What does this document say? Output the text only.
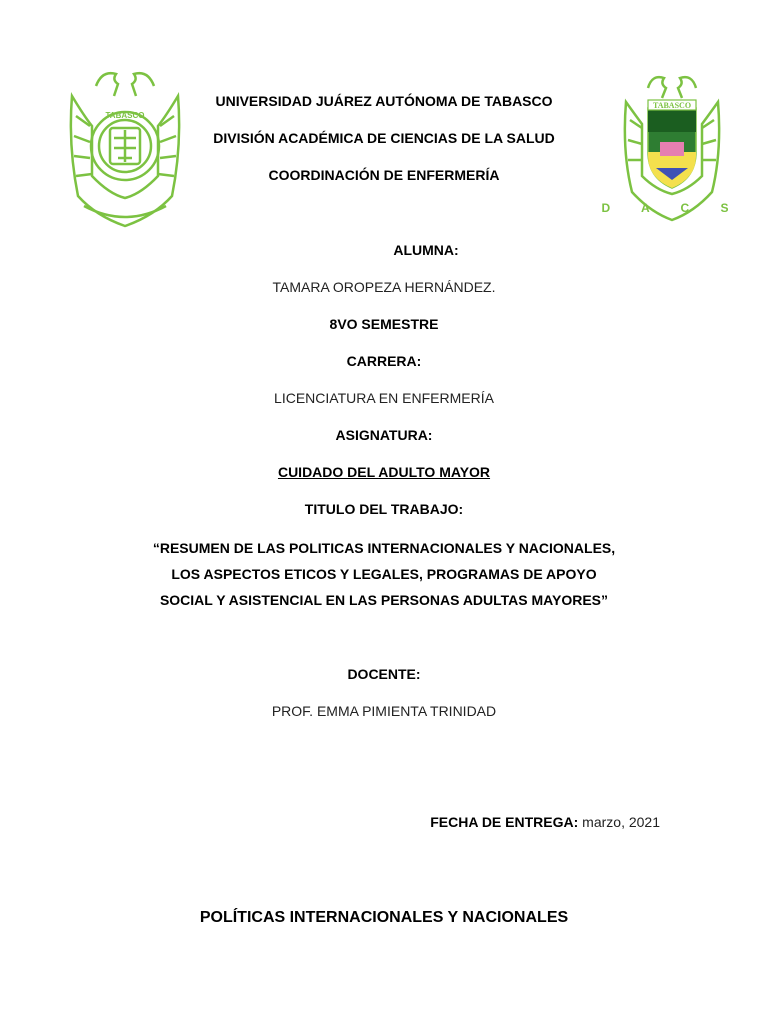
TABASCO
TABASCO
D A C S
UNIVERSIDAD JUÁREZ AUTÓNOMA DE TABASCO
DIVISIÓN ACADÉMICA DE CIENCIAS DE LA SALUD
COORDINACIÓN DE ENFERMERÍA
ALUMNA:
TAMARA OROPEZA HERNÁNDEZ.
8VO SEMESTRE
CARRERA:
LICENCIATURA EN ENFERMERÍA
ASIGNATURA:
CUIDADO DEL ADULTO MAYOR
TITULO DEL TRABAJO:
“RESUMEN DE LAS POLITICAS INTERNACIONALES Y NACIONALES,
LOS ASPECTOS ETICOS Y LEGALES, PROGRAMAS DE APOYO
SOCIAL Y ASISTENCIAL EN LAS PERSONAS ADULTAS MAYORES”
DOCENTE:
PROF. EMMA PIMIENTA TRINIDAD
FECHA DE ENTREGA: marzo, 2021
POLÍTICAS INTERNACIONALES Y NACIONALES
